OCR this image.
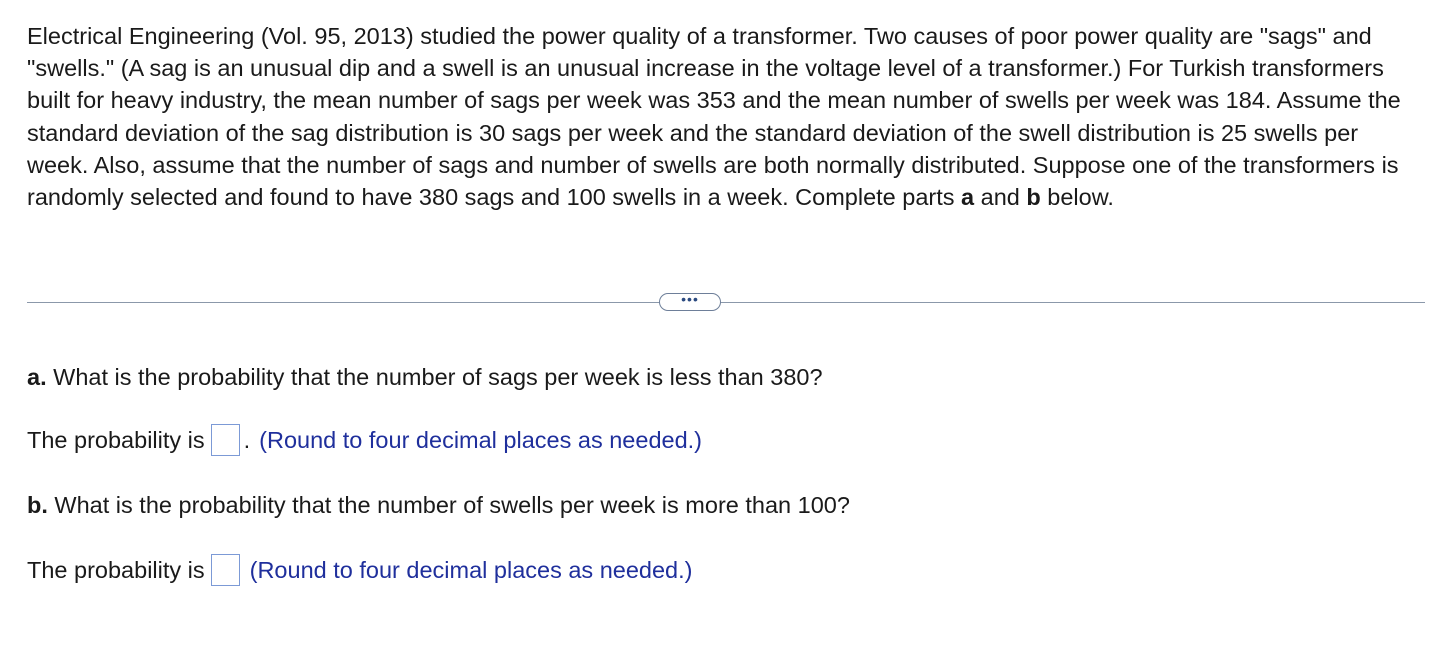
Electrical Engineering (Vol. 95, 2013) studied the power quality of a transformer. Two causes of poor power quality are "sags" and "swells." (A sag is an unusual dip and a swell is an unusual increase in the voltage level of a transformer.) For Turkish transformers built for heavy industry, the mean number of sags per week was 353 and the mean number of swells per week was 184. Assume the standard deviation of the sag distribution is 30 sags per week and the standard deviation of the swell distribution is 25 swells per week. Also, assume that the number of sags and number of swells are both normally distributed. Suppose one of the transformers is randomly selected and found to have 380 sags and 100 swells in a week. Complete parts a and b below.
•••
a. What is the probability that the number of sags per week is less than 380?
The probability is . (Round to four decimal places as needed.)
b. What is the probability that the number of swells per week is more than 100?
The probability is (Round to four decimal places as needed.)
